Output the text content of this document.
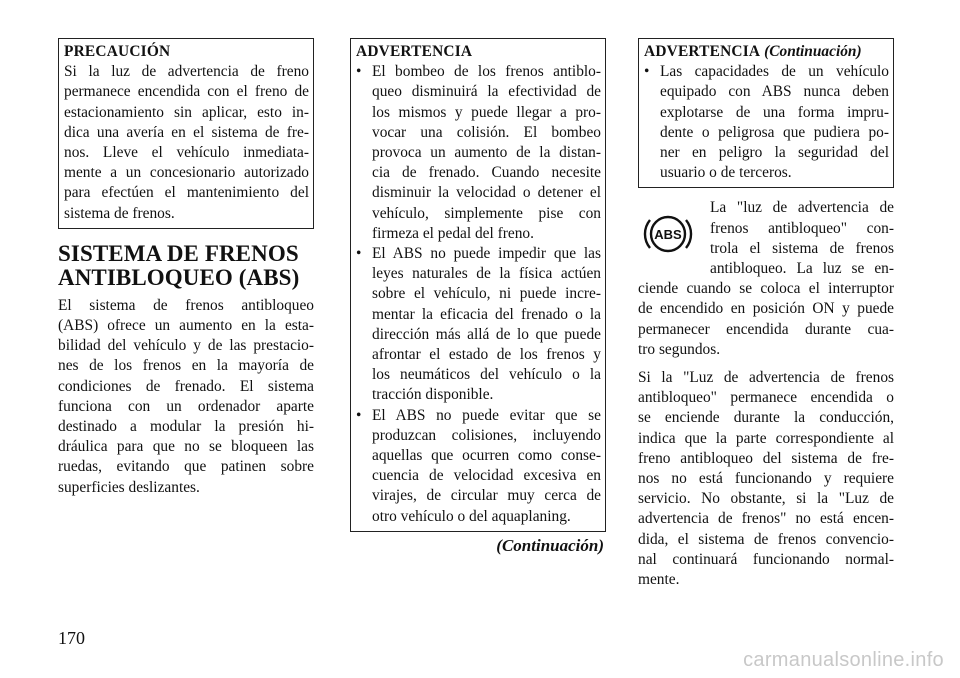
PRECAUCIÓN
Si la luz de advertencia de freno
permanece encendida con el freno de
estacionamiento sin aplicar, esto in-
dica una avería en el sistema de fre-
nos. Lleve el vehículo inmediata-
mente a un concesionario autorizado
para efectúen el mantenimiento del
sistema de frenos.
SISTEMA DE FRENOS
ANTIBLOQUEO (ABS)
El sistema de frenos antibloqueo
(ABS) ofrece un aumento en la esta-
bilidad del vehículo y de las prestacio-
nes de los frenos en la mayoría de
condiciones de frenado. El sistema
funciona con un ordenador aparte
destinado a modular la presión hi-
dráulica para que no se bloqueen las
ruedas, evitando que patinen sobre
superficies deslizantes.
ADVERTENCIA
• El bombeo de los frenos antiblo-
queo disminuirá la efectividad de
los mismos y puede llegar a pro-
vocar una colisión. El bombeo
provoca un aumento de la distan-
cia de frenado. Cuando necesite
disminuir la velocidad o detener el
vehículo, simplemente pise con
firmeza el pedal del freno.
• El ABS no puede impedir que las
leyes naturales de la física actúen
sobre el vehículo, ni puede incre-
mentar la eficacia del frenado o la
dirección más allá de lo que puede
afrontar el estado de los frenos y
los neumáticos del vehículo o la
tracción disponible.
• El ABS no puede evitar que se
produzcan colisiones, incluyendo
aquellas que ocurren como conse-
cuencia de velocidad excesiva en
virajes, de circular muy cerca de
otro vehículo o del aquaplaning.
(Continuación)
ADVERTENCIA (Continuación)
• Las capacidades de un vehículo
equipado con ABS nunca deben
explotarse de una forma impru-
dente o peligrosa que pudiera po-
ner en peligro la seguridad del
usuario o de terceros.
ABS
La "luz de advertencia de
frenos antibloqueo" con-
trola el sistema de frenos
antibloqueo. La luz se en-
ciende cuando se coloca el interruptor
de encendido en posición ON y puede
permanecer encendida durante cua-
tro segundos.
Si la "Luz de advertencia de frenos
antibloqueo" permanece encendida o
se enciende durante la conducción,
indica que la parte correspondiente al
freno antibloqueo del sistema de fre-
nos no está funcionando y requiere
servicio. No obstante, si la "Luz de
advertencia de frenos" no está encen-
dida, el sistema de frenos convencio-
nal continuará funcionando normal-
mente.
170
carmanualsonline.info
